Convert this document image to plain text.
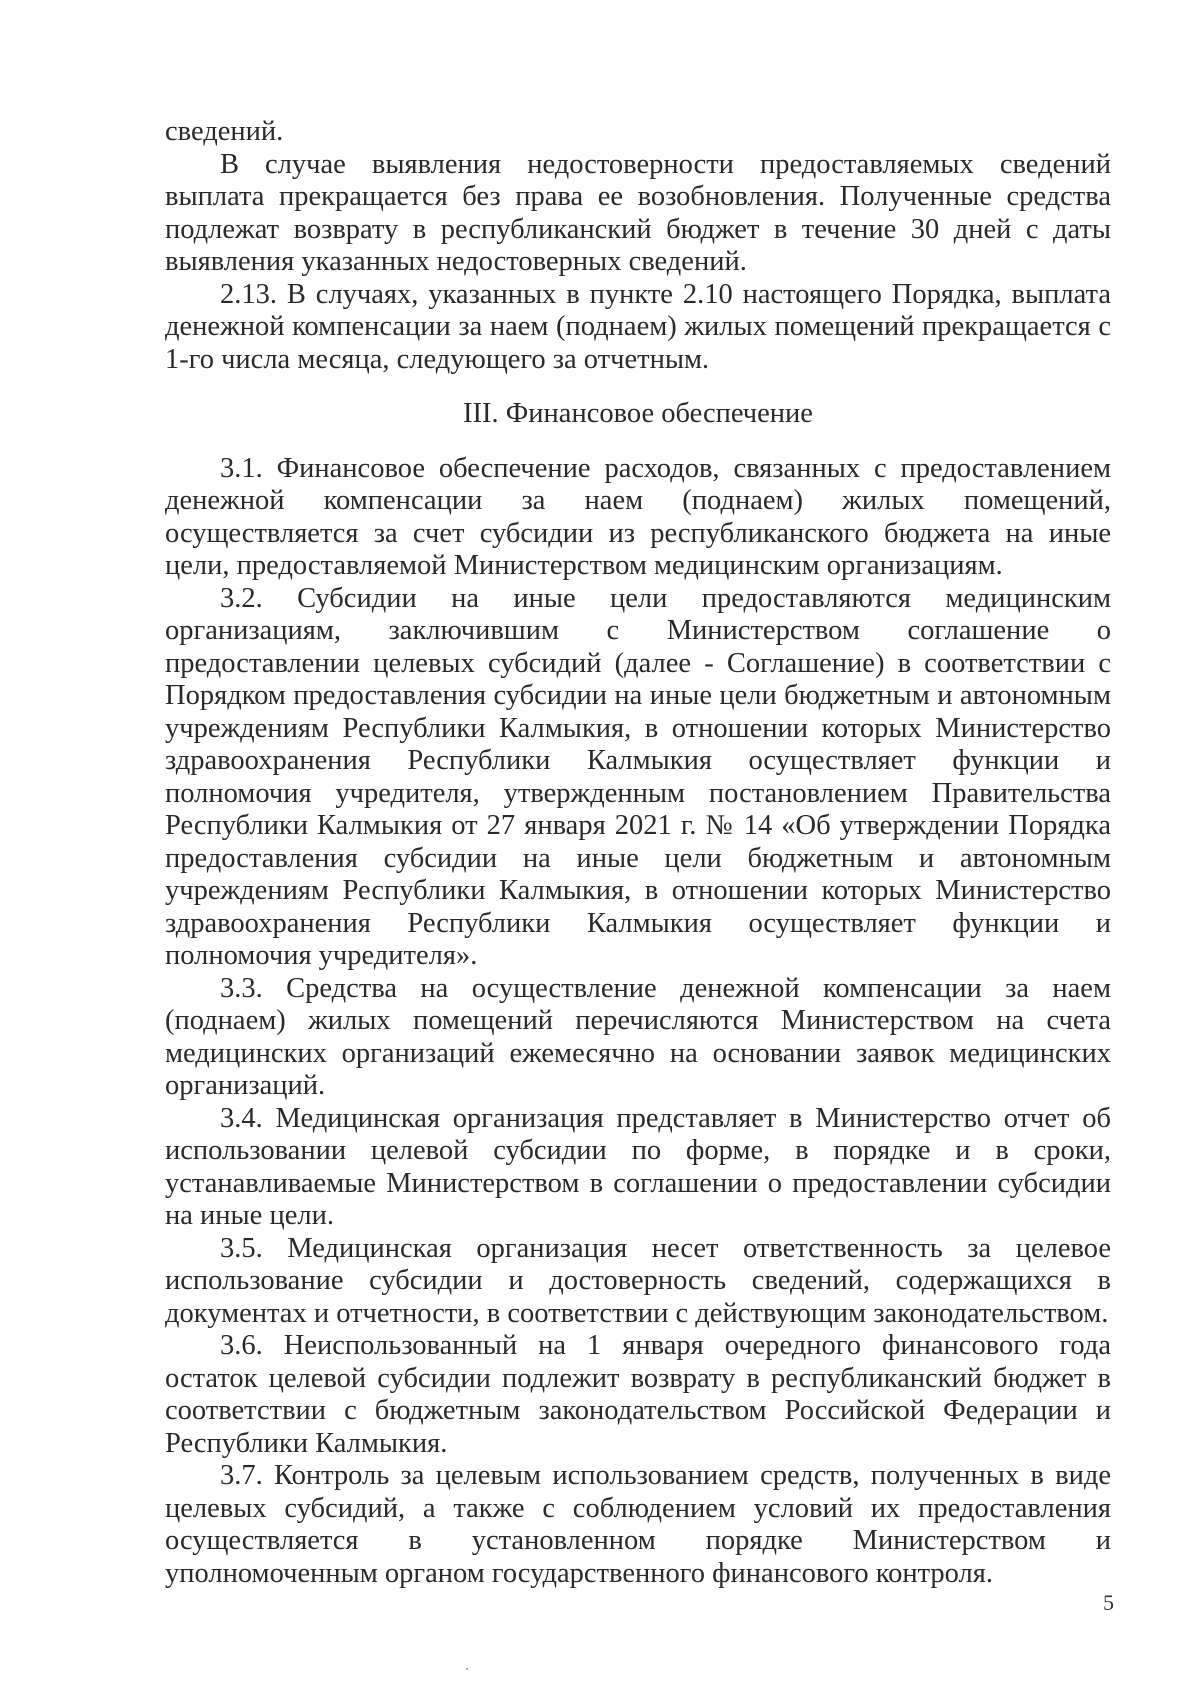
сведений.

В случае выявления недостоверности предоставляемых сведений выплата прекращается без права ее возобновления. Полученные средства подлежат возврату в республиканский бюджет в течение 30 дней с даты выявления указанных недостоверных сведений.

2.13. В случаях, указанных в пункте 2.10 настоящего Порядка, выплата денежной компенсации за наем (поднаем) жилых помещений прекращается с 1-го числа месяца, следующего за отчетным.

III. Финансовое обеспечение

3.1. Финансовое обеспечение расходов, связанных с предоставлением денежной компенсации за наем (поднаем) жилых помещений, осуществляется за счет субсидии из республиканского бюджета на иные цели, предоставляемой Министерством медицинским организациям.

3.2. Субсидии на иные цели предоставляются медицинским организациям, заключившим с Министерством соглашение о предоставлении целевых субсидий (далее - Соглашение) в соответствии с Порядком предоставления субсидии на иные цели бюджетным и автономным учреждениям Республики Калмыкия, в отношении которых Министерство здравоохранения Республики Калмыкия осуществляет функции и полномочия учредителя, утвержденным постановлением Правительства Республики Калмыкия от 27 января 2021 г. № 14 «Об утверждении Порядка предоставления субсидии на иные цели бюджетным и автономным учреждениям Республики Калмыкия, в отношении которых Министерство здравоохранения Республики Калмыкия осуществляет функции и полномочия учредителя».

3.3. Средства на осуществление денежной компенсации за наем (поднаем) жилых помещений перечисляются Министерством на счета медицинских организаций ежемесячно на основании заявок медицинских организаций.

3.4. Медицинская организация представляет в Министерство отчет об использовании целевой субсидии по форме, в порядке и в сроки, устанавливаемые Министерством в соглашении о предоставлении субсидии на иные цели.

3.5. Медицинская организация несет ответственность за целевое использование субсидии и достоверность сведений, содержащихся в документах и отчетности, в соответствии с действующим законодательством.

3.6. Неиспользованный на 1 января очередного финансового года остаток целевой субсидии подлежит возврату в республиканский бюджет в соответствии с бюджетным законодательством Российской Федерации и Республики Калмыкия.

3.7. Контроль за целевым использованием средств, полученных в виде целевых субсидий, а также с соблюдением условий их предоставления осуществляется в установленном порядке Министерством и уполномоченным органом государственного финансового контроля.

5
